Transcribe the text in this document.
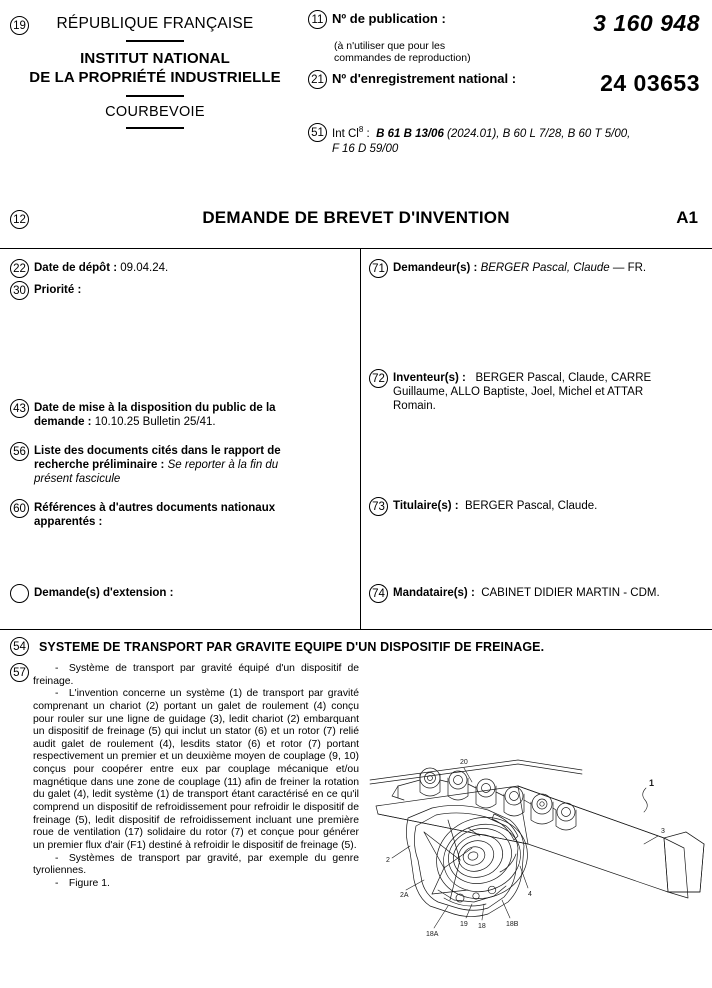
19	RÉPUBLIQUE FRANÇAISE
INSTITUT NATIONAL
DE LA PROPRIÉTÉ INDUSTRIELLE
COURBEVOIE
11 Nº de publication :	3 160 948
(à n'utiliser que pour les
commandes de reproduction)
21 Nº d'enregistrement national :	24 03653
51 Int Cl$^8$ : B 61 B 13/06 (2024.01), B 60 L 7/28, B 60 T 5/00,
F 16 D 59/00
12	DEMANDE DE BREVET D'INVENTION	A1
22 Date de dépôt : 09.04.24.
30 Priorité :
43 Date de mise à la disposition du public de la
demande : 10.10.25 Bulletin 25/41.
56 Liste des documents cités dans le rapport de
recherche préliminaire : Se reporter à la fin du
présent fascicule
60 Références à d'autres documents nationaux
apparentés :
Demande(s) d'extension :
71 Demandeur(s) : BERGER Pascal, Claude — FR.
72 Inventeur(s) : BERGER Pascal, Claude, CARRE
Guillaume, ALLO Baptiste, Joel, Michel et ATTAR
Romain.
73 Titulaire(s) : BERGER Pascal, Claude.
74 Mandataire(s) : CABINET DIDIER MARTIN - CDM.
54 SYSTEME DE TRANSPORT PAR GRAVITE EQUIPE D'UN DISPOSITIF DE FREINAGE.
57	- Système de transport par gravité équipé d'un dispositif de freinage.

- L'invention concerne un système (1) de transport par gravité comprenant un chariot (2) portant un galet de roulement (4) conçu pour rouler sur une ligne de guidage (3), ledit chariot (2) embarquant un dispositif de freinage (5) qui inclut un stator (6) et un rotor (7) relié audit galet de roulement (4), lesdits stator (6) et rotor (7) portant respectivement un premier et un deuxième moyen de couplage (9, 10) conçus pour coopérer entre eux par couplage mécanique et/ou magnétique dans une zone de couplage (11) afin de freiner la rotation du galet (4), ledit système (1) de transport étant caractérisé en ce qu'il comprend un dispositif de refroidissement pour refroidir le dispositif de freinage (5), ledit dispositif de refroidissement incluant une première roue de ventilation (17) solidaire du rotor (7) et conçue pour générer un premier flux d'air (F1) destiné à refroidir le dispositif de freinage (5).

- Systèmes de transport par gravité, par exemple du genre tyroliennes.

- Figure 1.

20
1
3
2
2A
18A
19 18	18B
4
